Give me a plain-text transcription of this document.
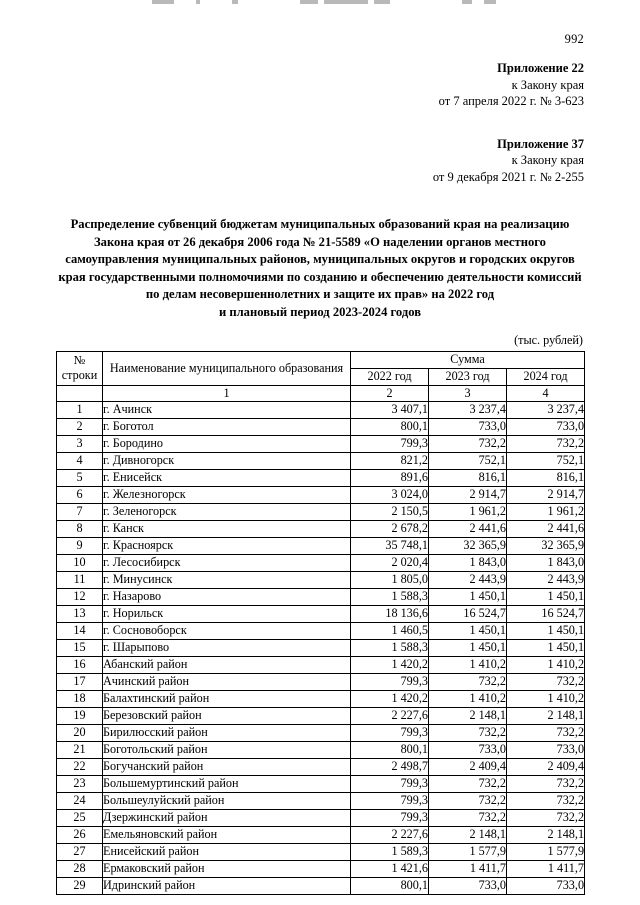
992
Приложение 22
к Закону края
от 7 апреля 2022 г. № 3-623
Приложение 37
к Закону края
от 9 декабря 2021 г. № 2-255
Распределение субвенций бюджетам муниципальных образований края на реализацию
Закона края от 26 декабря 2006 года № 21-5589 «О наделении органов местного
самоуправления муниципальных районов, муниципальных округов и городских округов
края государственными полномочиями по созданию и обеспечению деятельности комиссий
по делам несовершеннолетних и защите их прав» на 2022 год
и плановый период 2023-2024 годов
(тыс. рублей)
№
строки	Наименование муниципального образования	Сумма		
		2022 год	2023 год	2024 год
	1	2	3	4
1	г. Ачинск	3 407,1	3 237,4	3 237,4
2	г. Боготол	800,1	733,0	733,0
3	г. Бородино	799,3	732,2	732,2
4	г. Дивногорск	821,2	752,1	752,1
5	г. Енисейск	891,6	816,1	816,1
6	г. Железногорск	3 024,0	2 914,7	2 914,7
7	г. Зеленогорск	2 150,5	1 961,2	1 961,2
8	г. Канск	2 678,2	2 441,6	2 441,6
9	г. Красноярск	35 748,1	32 365,9	32 365,9
10	г. Лесосибирск	2 020,4	1 843,0	1 843,0
11	г. Минусинск	1 805,0	2 443,9	2 443,9
12	г. Назарово	1 588,3	1 450,1	1 450,1
13	г. Норильск	18 136,6	16 524,7	16 524,7
14	г. Сосновоборск	1 460,5	1 450,1	1 450,1
15	г. Шарыпово	1 588,3	1 450,1	1 450,1
16	Абанский район	1 420,2	1 410,2	1 410,2
17	Ачинский район	799,3	732,2	732,2
18	Балахтинский район	1 420,2	1 410,2	1 410,2
19	Березовский район	2 227,6	2 148,1	2 148,1
20	Бирилюсский район	799,3	732,2	732,2
21	Боготольский район	800,1	733,0	733,0
22	Богучанский район	2 498,7	2 409,4	2 409,4
23	Большемуртинский район	799,3	732,2	732,2
24	Большеулуйский район	799,3	732,2	732,2
25	Дзержинский район	799,3	732,2	732,2
26	Емельяновский район	2 227,6	2 148,1	2 148,1
27	Енисейский район	1 589,3	1 577,9	1 577,9
28	Ермаковский район	1 421,6	1 411,7	1 411,7
29	Идринский район	800,1	733,0	733,0
